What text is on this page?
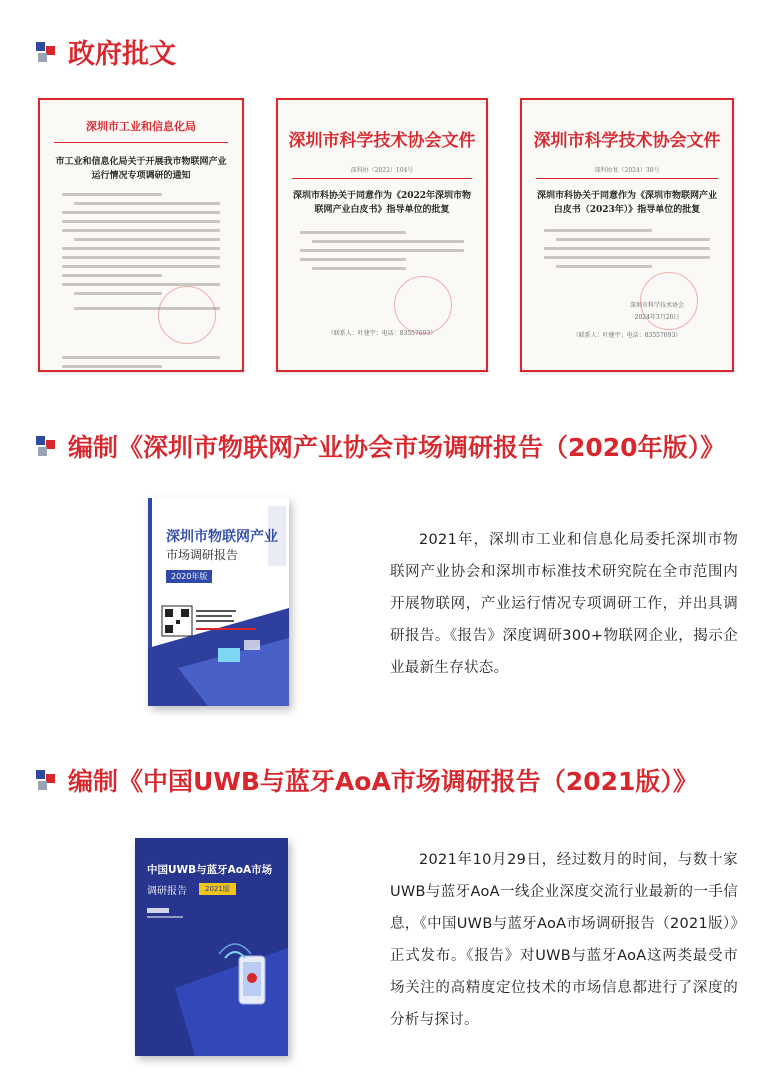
政府批文
深圳市工业和信息化局
市工业和信息化局关于开展我市物联网产业运行情况专项调研的通知
深圳市科学技术协会文件
深科协（2022）104号
深圳市科协关于同意作为《2022年深圳市物联网产业白皮书》指导单位的批复
（联系人：叶建宇；电话：83557693）
深圳市科学技术协会文件
深科协复（2024）38号
深圳市科协关于同意作为《深圳市物联网产业白皮书（2023年）》指导单位的批复
深圳市科学技术协会
2024年3月26日
（联系人：叶健宇；电话：83557693）
编制《深圳市物联网产业协会市场调研报告（2020年版）》
深圳市物联网产业
市场调研报告
2020年版

2021年，深圳市工业和信息化局委托深圳市物联网产业协会和深圳市标准技术研究院在全市范围内开展物联网，产业运行情况专项调研工作，并出具调研报告。《报告》深度调研300+物联网企业，揭示企业最新生存状态。

编制《中国UWB与蓝牙AoA市场调研报告（2021版）》
中国UWB与蓝牙AoA市场
调研报告	2021版

2021年10月29日，经过数月的时间，与数十家UWB与蓝牙AoA一线企业深度交流行业最新的一手信息，《中国UWB与蓝牙AoA市场调研报告（2021版）》正式发布。《报告》对UWB与蓝牙AoA这两类最受市场关注的高精度定位技术的市场信息都进行了深度的分析与探讨。
